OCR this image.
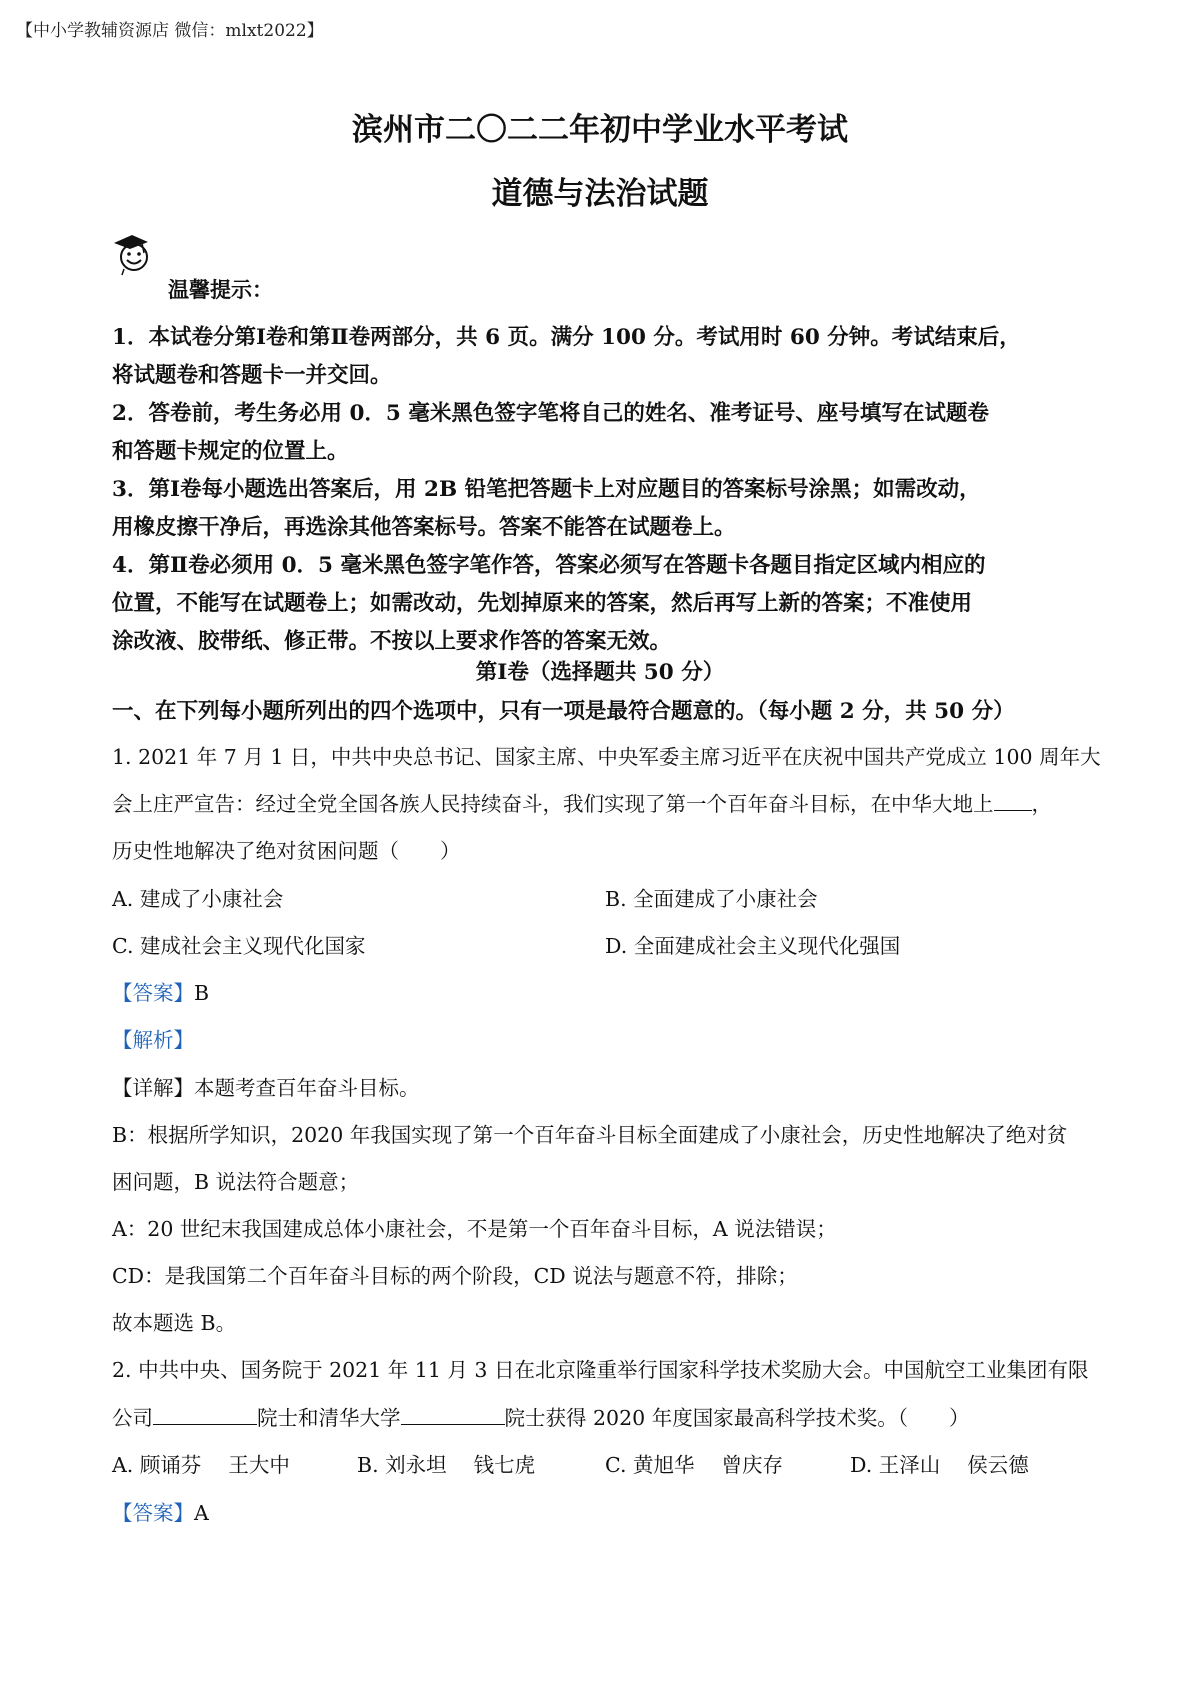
【中小学教辅资源店 微信：mlxt2022】
滨州市二〇二二年初中学业水平考试
道德与法治试题
温馨提示：
1．本试卷分第Ⅰ卷和第Ⅱ卷两部分，共 6 页。满分 100 分。考试用时 60 分钟。考试结束后，
将试题卷和答题卡一并交回。
2．答卷前，考生务必用 0．5 毫米黑色签字笔将自己的姓名、准考证号、座号填写在试题卷
和答题卡规定的位置上。
3．第Ⅰ卷每小题选出答案后，用 2B 铅笔把答题卡上对应题目的答案标号涂黑；如需改动，
用橡皮擦干净后，再选涂其他答案标号。答案不能答在试题卷上。
4．第Ⅱ卷必须用 0．5 毫米黑色签字笔作答，答案必须写在答题卡各题目指定区域内相应的
位置，不能写在试题卷上；如需改动，先划掉原来的答案，然后再写上新的答案；不准使用
涂改液、胶带纸、修正带。不按以上要求作答的答案无效。
第Ⅰ卷（选择题共 50 分）
一、在下列每小题所列出的四个选项中，只有一项是最符合题意的。（每小题 2 分，共 50 分）
1. 2021 年 7 月 1 日，中共中央总书记、国家主席、中央军委主席习近平在庆祝中国共产党成立 100 周年大
会上庄严宣告：经过全党全国各族人民持续奋斗，我们实现了第一个百年奋斗目标，在中华大地上 ，
历史性地解决了绝对贫困问题（　　）
A. 建成了小康社会	B. 全面建成了小康社会
C. 建成社会主义现代化国家	D. 全面建成社会主义现代化强国
【答案】B
【解析】
【详解】本题考查百年奋斗目标。
B：根据所学知识，2020 年我国实现了第一个百年奋斗目标全面建成了小康社会，历史性地解决了绝对贫
困问题，B 说法符合题意；
A：20 世纪末我国建成总体小康社会，不是第一个百年奋斗目标，A 说法错误；
CD：是我国第二个百年奋斗目标的两个阶段，CD 说法与题意不符，排除；
故本题选 B。
2. 中共中央、国务院于 2021 年 11 月 3 日在北京隆重举行国家科学技术奖励大会。中国航空工业集团有限
公司	院士和清华大学	院士获得 2020 年度国家最高科学技术奖。（　　）
A. 顾诵芬　 王大中	B. 刘永坦　 钱七虎	C. 黄旭华　 曾庆存	D. 王泽山　 侯云德
【答案】A
